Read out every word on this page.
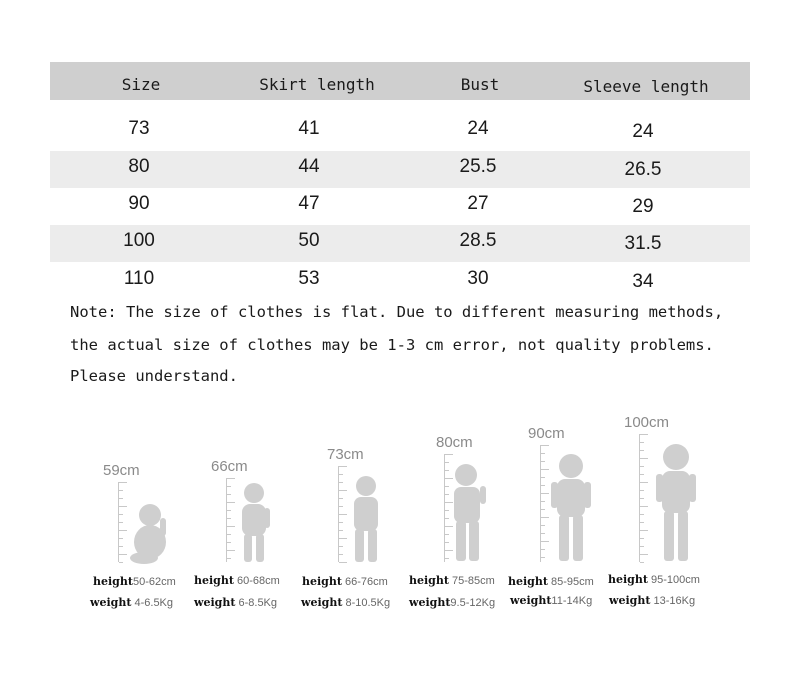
Size	Skirt length	Bust	Sleeve length
73	41	24	24
80	44	25.5	26.5
90	47	27	29
100	50	28.5	31.5
110	53	30	34
Note: The size of clothes is flat. Due to different measuring methods,
the actual size of clothes may be 1-3 cm error, not quality problems.
Please understand.
59cm
height50-62cm
weight 4-6.5Kg
66cm
height 60-68cm
weight 6-8.5Kg
73cm
height 66-76cm
weight 8-10.5Kg
80cm
height 75-85cm
weight9.5-12Kg
90cm
height 85-95cm
weight11-14Kg
100cm
height 95-100cm
weight 13-16Kg
